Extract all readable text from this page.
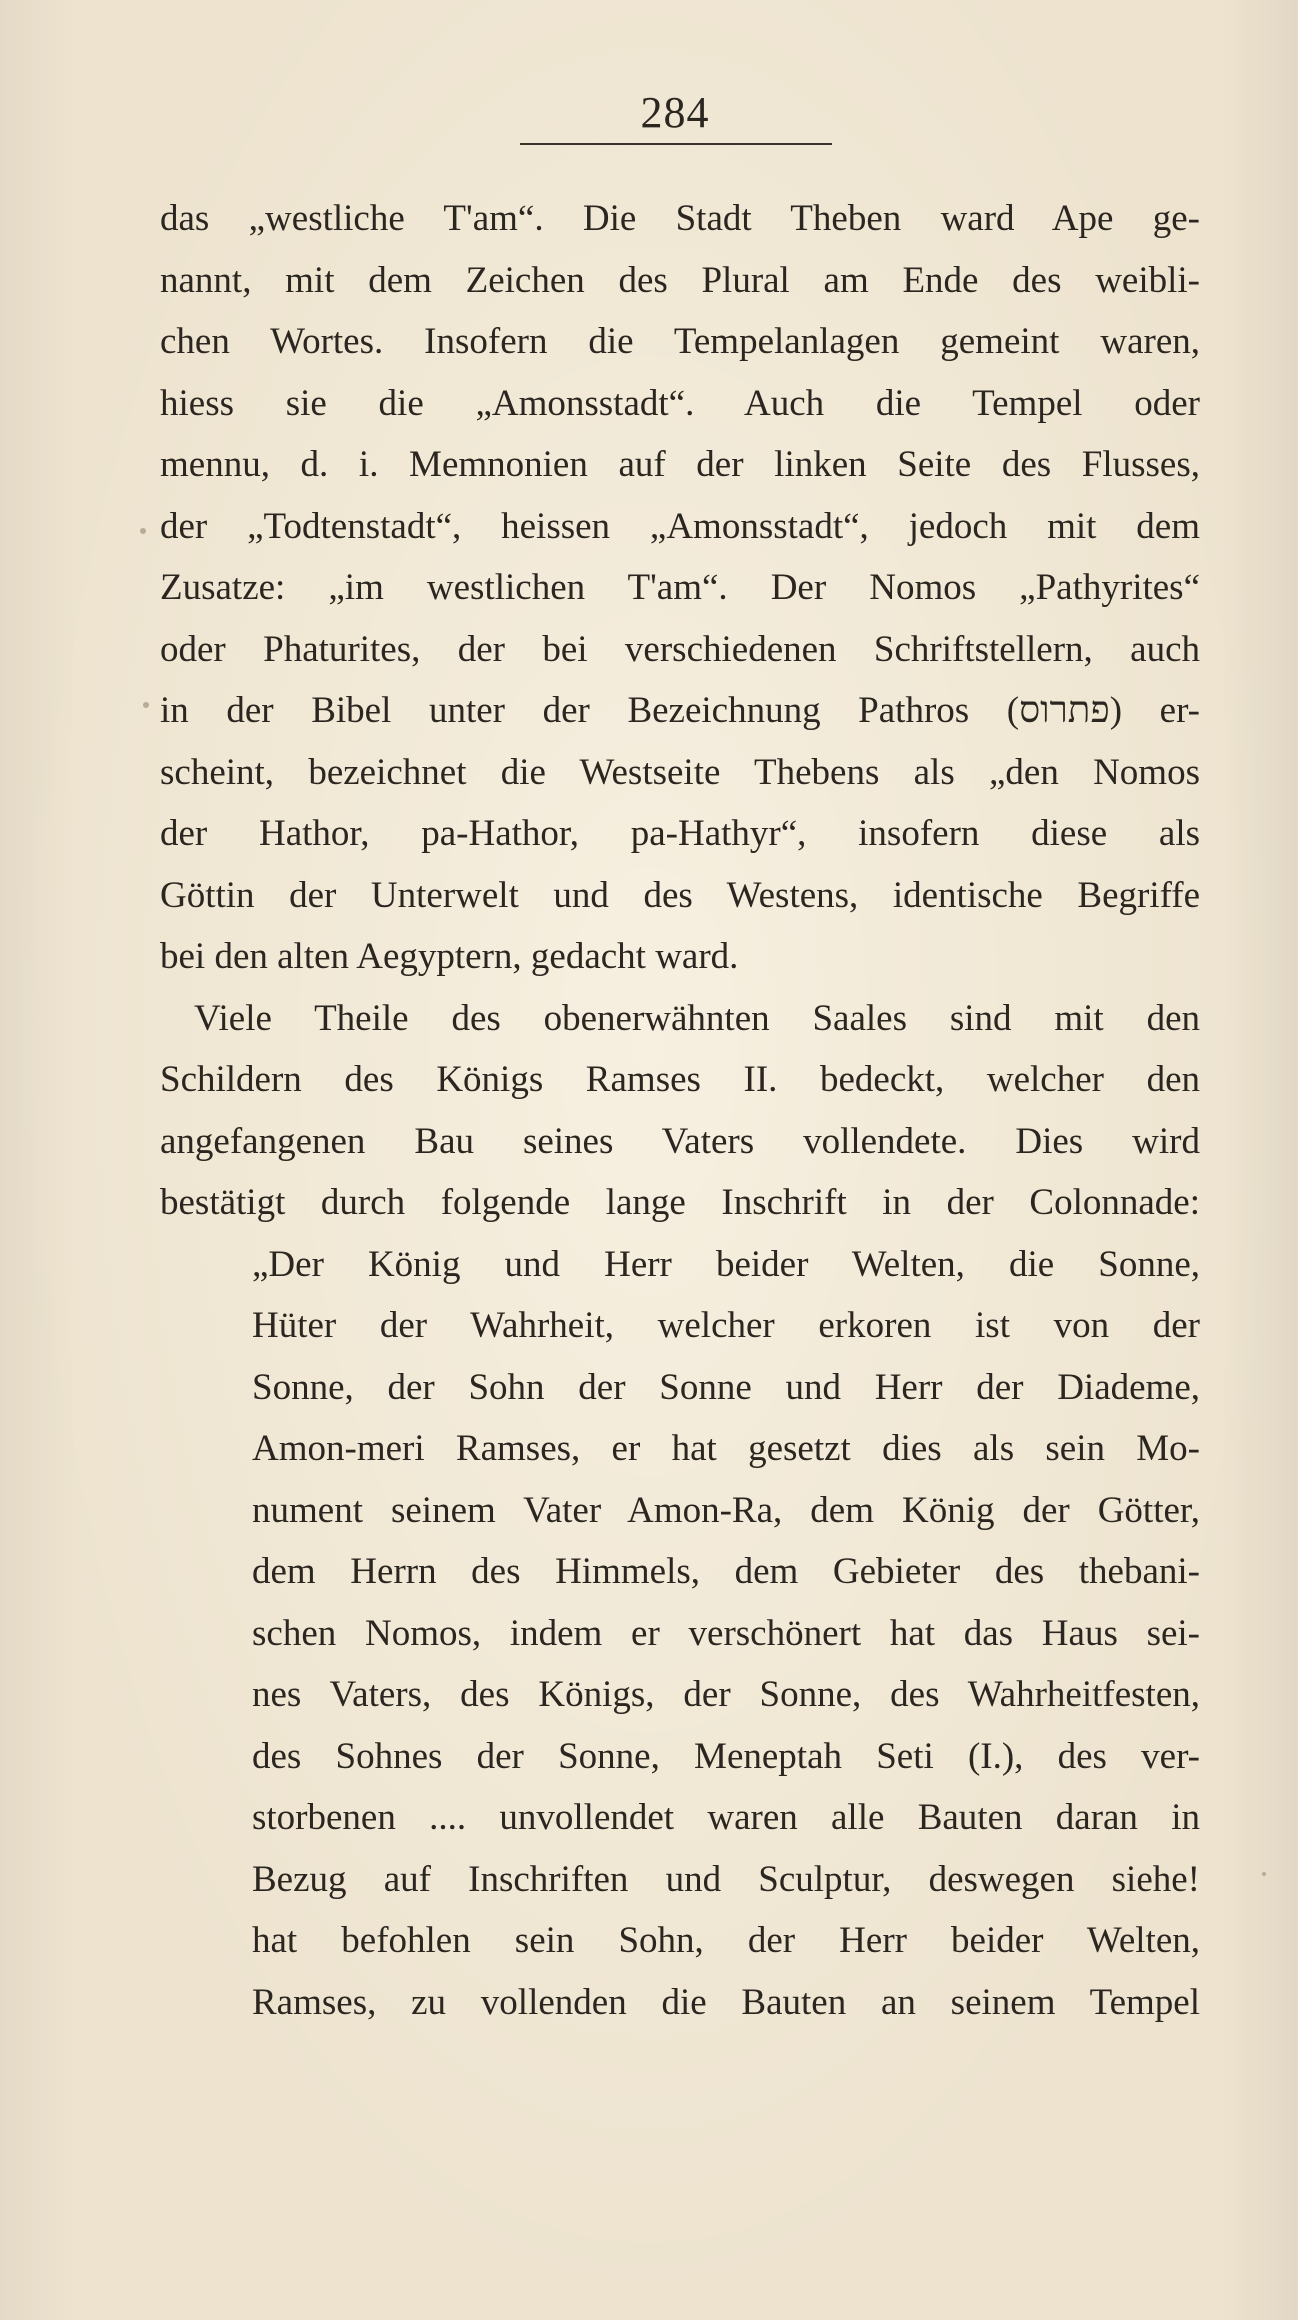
284
das „westliche T'am“. Die Stadt Theben ward Ape ge-
nannt, mit dem Zeichen des Plural am Ende des weibli-
chen Wortes. Insofern die Tempelanlagen gemeint waren,
hiess sie die „Amonsstadt“. Auch die Tempel oder
mennu, d. i. Memnonien auf der linken Seite des Flusses,
der „Todtenstadt“, heissen „Amonsstadt“, jedoch mit dem
Zusatze: „im westlichen T'am“. Der Nomos „Pathyrites“
oder Phaturites, der bei verschiedenen Schriftstellern, auch
in der Bibel unter der Bezeichnung Pathros (פתרוס) er-
scheint, bezeichnet die Westseite Thebens als „den Nomos
der Hathor, pa-Hathor, pa-Hathyr“, insofern diese als
Göttin der Unterwelt und des Westens, identische Begriffe
bei den alten Aegyptern, gedacht ward.
Viele Theile des obenerwähnten Saales sind mit den
Schildern des Königs Ramses II. bedeckt, welcher den
angefangenen Bau seines Vaters vollendete. Dies wird
bestätigt durch folgende lange Inschrift in der Colonnade:
„Der König und Herr beider Welten, die Sonne,
Hüter der Wahrheit, welcher erkoren ist von der
Sonne, der Sohn der Sonne und Herr der Diademe,
Amon-meri Ramses, er hat gesetzt dies als sein Mo-
nument seinem Vater Amon-Ra, dem König der Götter,
dem Herrn des Himmels, dem Gebieter des thebani-
schen Nomos, indem er verschönert hat das Haus sei-
nes Vaters, des Königs, der Sonne, des Wahrheitfesten,
des Sohnes der Sonne, Meneptah Seti (I.), des ver-
storbenen .... unvollendet waren alle Bauten daran in
Bezug auf Inschriften und Sculptur, deswegen siehe!
hat befohlen sein Sohn, der Herr beider Welten,
Ramses, zu vollenden die Bauten an seinem Tempel
